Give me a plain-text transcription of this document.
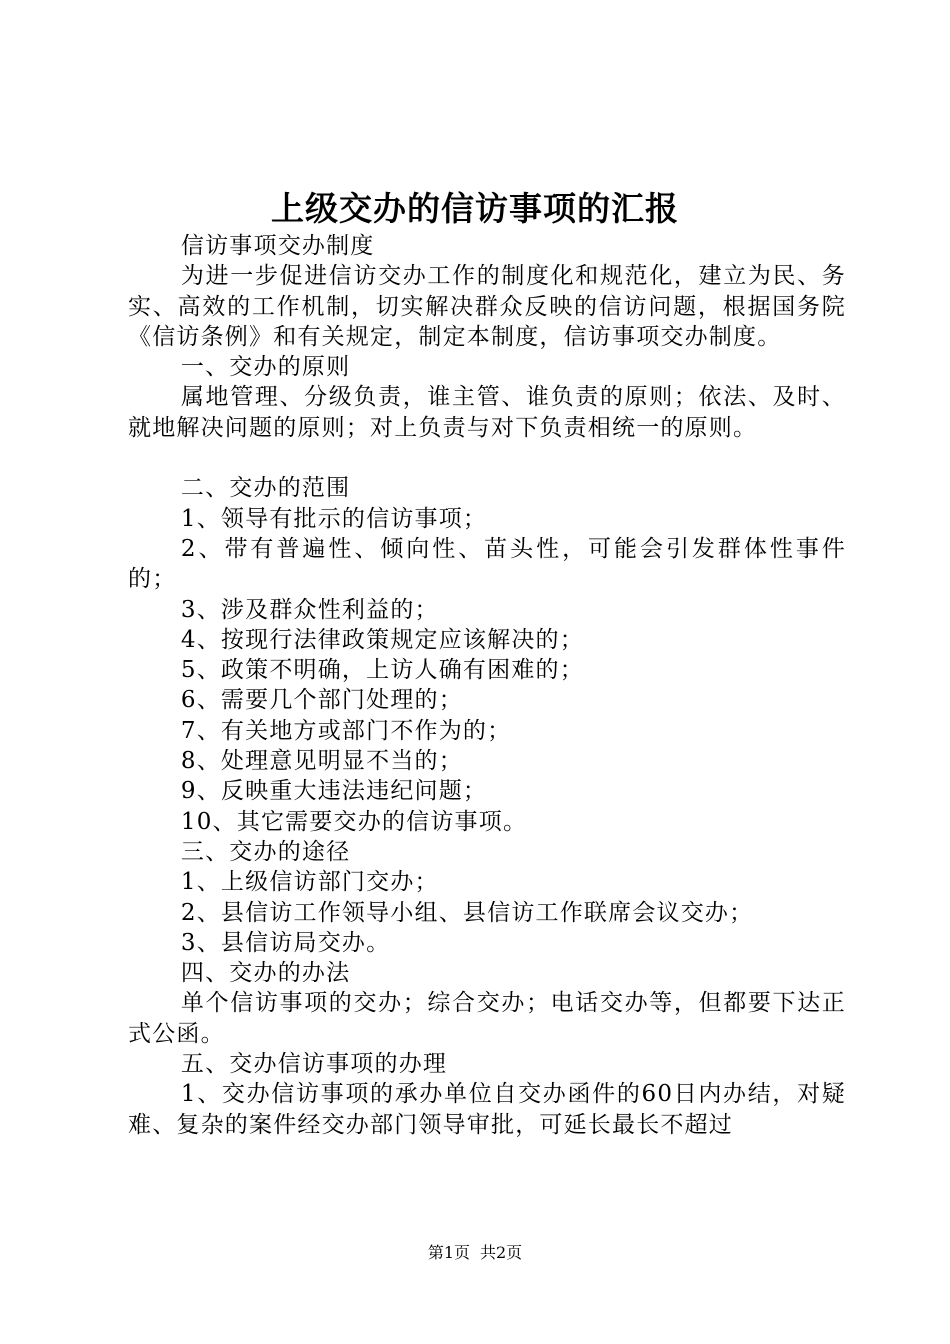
上级交办的信访事项的汇报

信访事项交办制度

为进一步促进信访交办工作的制度化和规范化，建立为民、务实、高效的工作机制，切实解决群众反映的信访问题，根据国务院《信访条例》和有关规定，制定本制度，信访事项交办制度。

一、交办的原则

属地管理、分级负责，谁主管、谁负责的原则；依法、及时、就地解决问题的原则；对上负责与对下负责相统一的原则。

二、交办的范围

1、领导有批示的信访事项；

2、带有普遍性、倾向性、苗头性，可能会引发群体性事件的；

3、涉及群众性利益的；

4、按现行法律政策规定应该解决的；

5、政策不明确，上访人确有困难的；

6、需要几个部门处理的；

7、有关地方或部门不作为的；

8、处理意见明显不当的；

9、反映重大违法违纪问题；

10、其它需要交办的信访事项。

三、交办的途径

1、上级信访部门交办；

2、县信访工作领导小组、县信访工作联席会议交办；

3、县信访局交办。

四、交办的办法

单个信访事项的交办；综合交办；电话交办等，但都要下达正式公函。

五、交办信访事项的办理

1、交办信访事项的承办单位自交办函件的60日内办结，对疑难、复杂的案件经交办部门领导审批，可延长最长不超过

第1页 共2页
